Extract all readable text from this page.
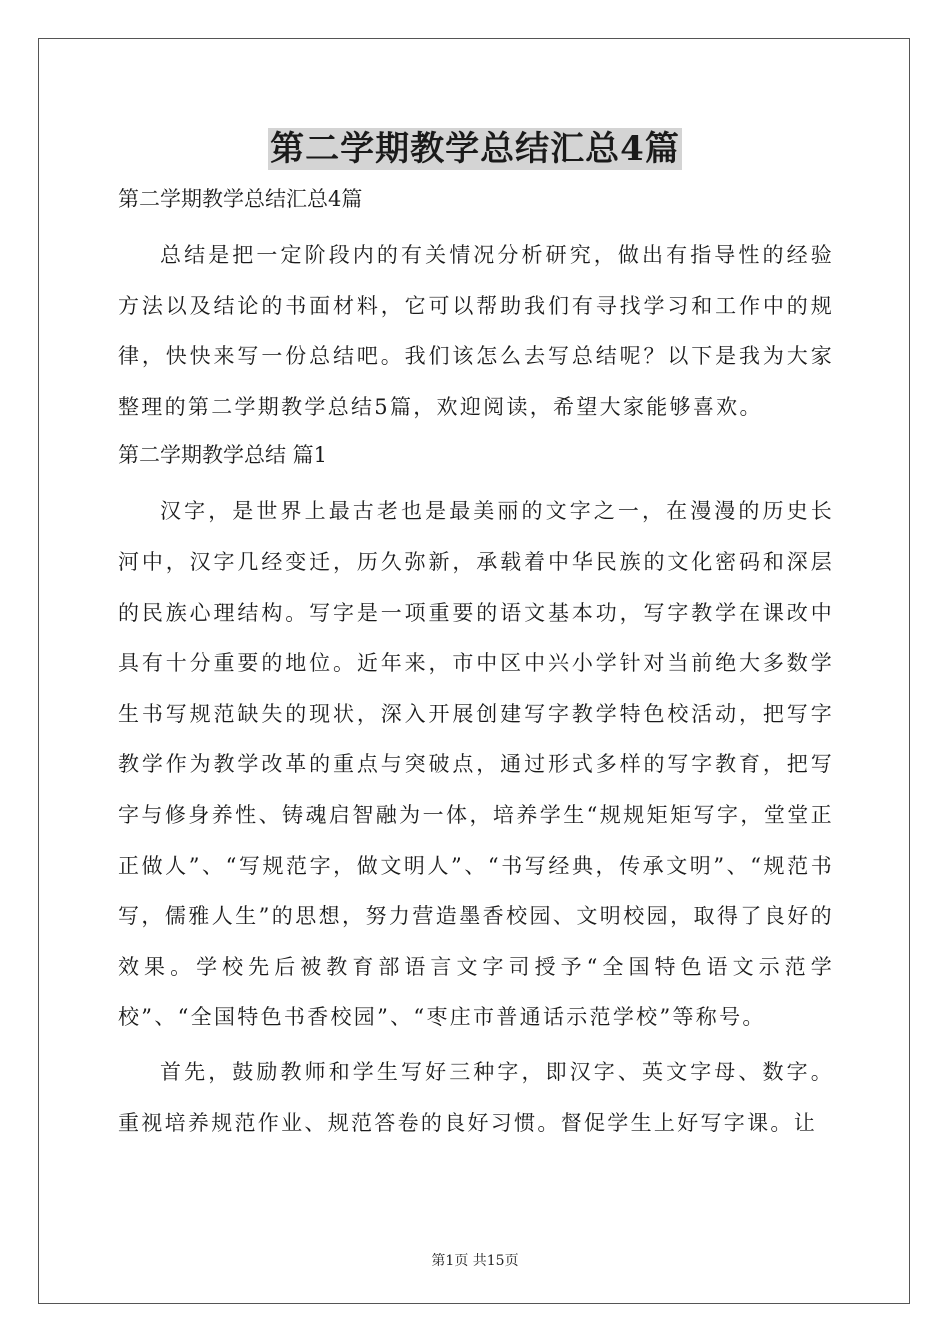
第二学期教学总结汇总4篇
第二学期教学总结汇总4篇

总结是把一定阶段内的有关情况分析研究，做出有指导性的经验方法以及结论的书面材料，它可以帮助我们有寻找学习和工作中的规律，快快来写一份总结吧。我们该怎么去写总结呢？以下是我为大家整理的第二学期教学总结5篇，欢迎阅读，希望大家能够喜欢。

第二学期教学总结 篇1

汉字，是世界上最古老也是最美丽的文字之一，在漫漫的历史长河中，汉字几经变迁，历久弥新，承载着中华民族的文化密码和深层的民族心理结构。写字是一项重要的语文基本功，写字教学在课改中具有十分重要的地位。近年来，市中区中兴小学针对当前绝大多数学生书写规范缺失的现状，深入开展创建写字教学特色校活动，把写字教学作为教学改革的重点与突破点，通过形式多样的写字教育，把写字与修身养性、铸魂启智融为一体，培养学生“规规矩矩写字，堂堂正正做人”、“写规范字，做文明人”、“书写经典，传承文明”、“规范书写，儒雅人生”的思想，努力营造墨香校园、文明校园，取得了良好的效果。学校先后被教育部语言文字司授予“全国特色语文示范学校”、“全国特色书香校园”、“枣庄市普通话示范学校”等称号。

首先，鼓励教师和学生写好三种字，即汉字、英文字母、数字。重视培养规范作业、规范答卷的良好习惯。督促学生上好写字课。让

第1页 共15页
